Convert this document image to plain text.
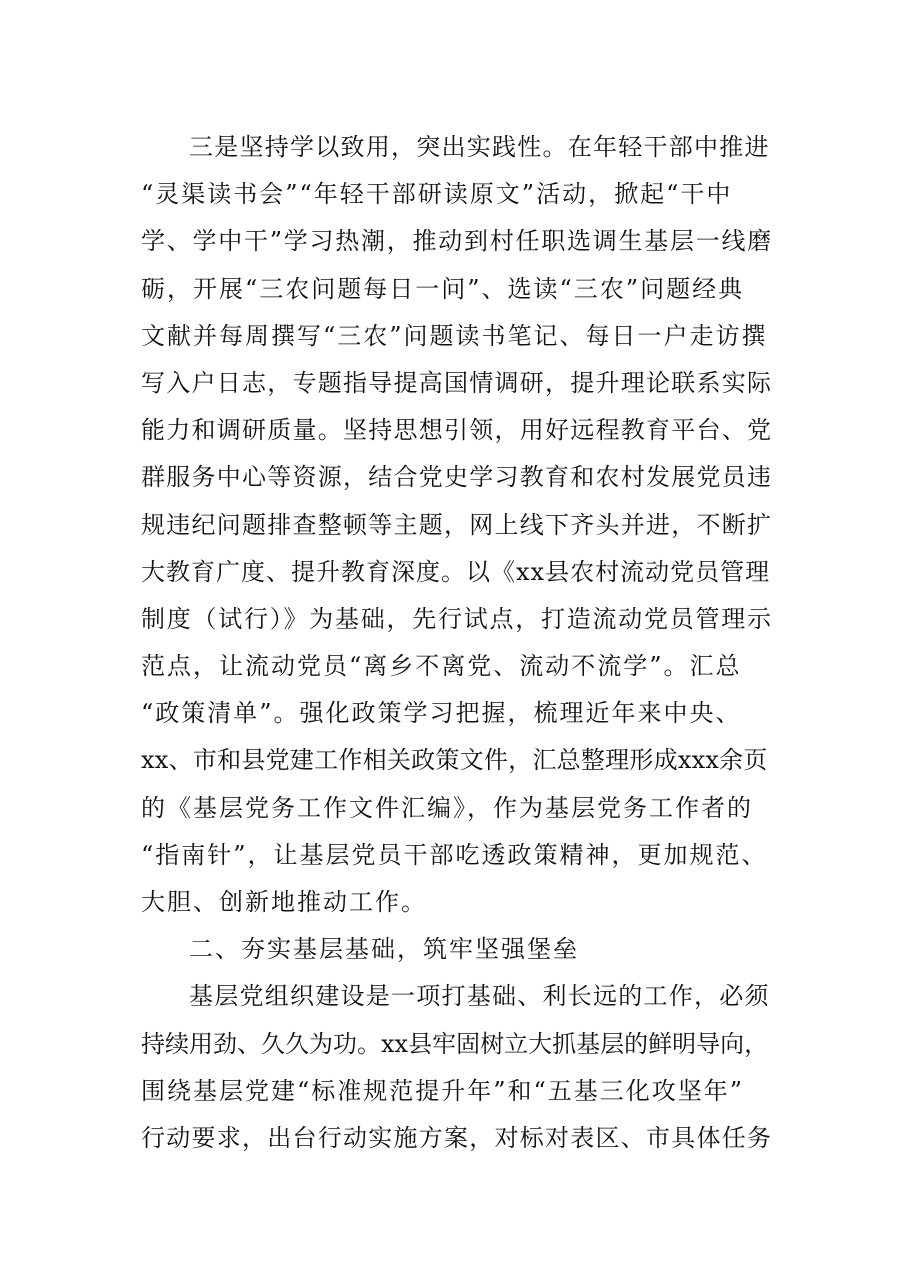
三是坚持学以致用，突出实践性。在年轻干部中推进
“灵渠读书会”“年轻干部研读原文”活动，掀起“干中
学、学中干”学习热潮，推动到村任职选调生基层一线磨
砺，开展“三农问题每日一问”、选读“三农”问题经典
文献并每周撰写“三农”问题读书笔记、每日一户走访撰
写入户日志，专题指导提高国情调研，提升理论联系实际
能力和调研质量。坚持思想引领，用好远程教育平台、党
群服务中心等资源，结合党史学习教育和农村发展党员违
规违纪问题排查整顿等主题，网上线下齐头并进，不断扩
大教育广度、提升教育深度。以《xx县农村流动党员管理
制度（试行）》为基础，先行试点，打造流动党员管理示
范点，让流动党员“离乡不离党、流动不流学”。汇总
“政策清单”。强化政策学习把握，梳理近年来中央、
xx、市和县党建工作相关政策文件，汇总整理形成xxx余页
的《基层党务工作文件汇编》，作为基层党务工作者的
“指南针”，让基层党员干部吃透政策精神，更加规范、
大胆、创新地推动工作。
二、夯实基层基础，筑牢坚强堡垒
基层党组织建设是一项打基础、利长远的工作，必须
持续用劲、久久为功。xx县牢固树立大抓基层的鲜明导向，
围绕基层党建“标准规范提升年”和“五基三化攻坚年”
行动要求，出台行动实施方案，对标对表区、市具体任务
